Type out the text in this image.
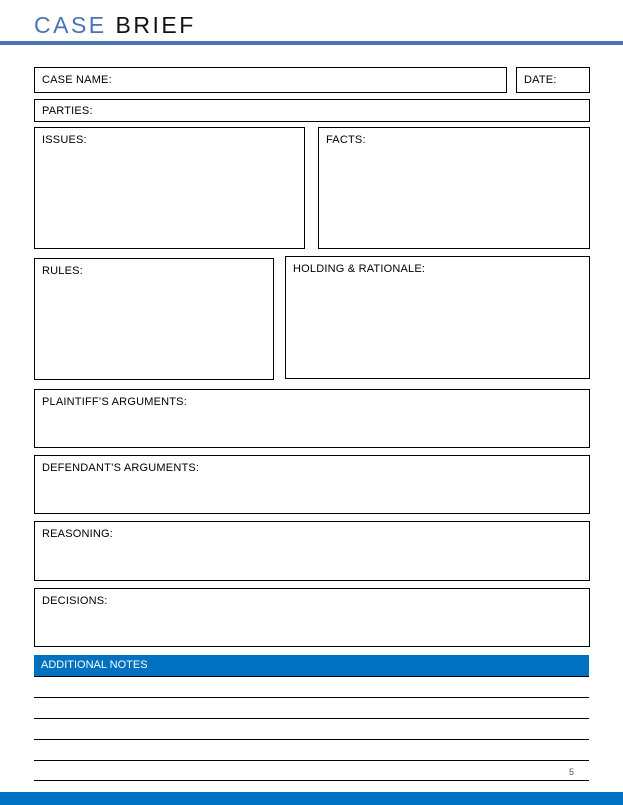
CASE BRIEF
CASE NAME:	DATE:
PARTIES:
ISSUES:	FACTS:
RULES:	HOLDING & RATIONALE:
PLAINTIFF’S ARGUMENTS:
DEFENDANT’S ARGUMENTS:
REASONING:
DECISIONS:
ADDITIONAL NOTES
5
